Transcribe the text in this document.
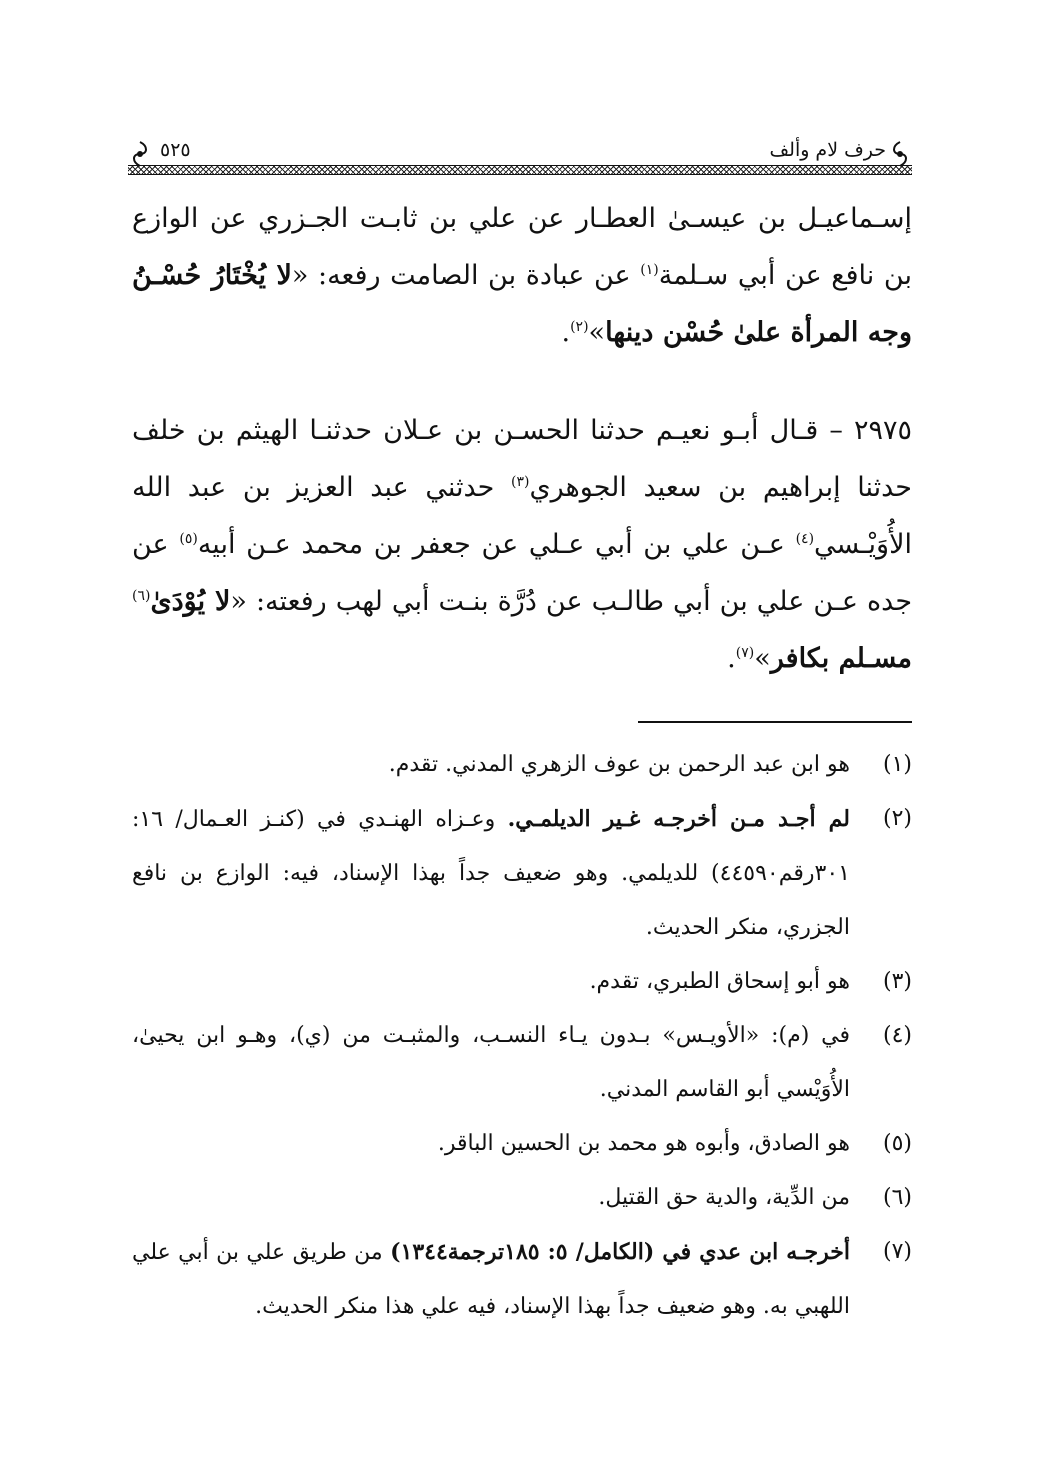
حرف لام وألف
٥٢٥
إسـماعيـل بن عيسـىٰ العطـار عن علي بن ثابـت الجـزري عن الوازع بن نافع عن أبي سـلمة$^{(١)}$ عن عبادة بن الصامت رفعه: «لا يُخْتَارُ حُسْـنُ وجه المرأة علىٰ حُسْن دينها»$^{(٢)}$.
٢٩٧٥ – قـال أبـو نعيـم حدثنا الحسـن بن عـلان حدثنـا الهيثم بن خلف حدثنا إبراهيم بن سعيد الجوهري$^{(٣)}$ حدثني عبد العزيز بن عبد الله الأُوَيْـسي$^{(٤)}$ عـن علي بن أبي عـلي عن جعفر بن محمد عـن أبيه$^{(٥)}$ عن جده عـن علي بن أبي طالـب عن دُرَّة بنـت أبي لهب رفعته: «لا يُوْدَىٰ$^{(٦)}$ مسـلم بكافر»$^{(٧)}$.
(١)
هو ابن عبد الرحمن بن عوف الزهري المدني. تقدم.
(٢)
لم أجـد مـن أخرجـه غـير الديلمـي. وعـزاه الهنـدي في (كنـز العـمال/ ١٦: ٣٠١رقم٤٤٥٩٠) للديلمي. وهو ضعيف جداً بهذا الإسناد، فيه: الوازع بن نافع الجزري، منكر الحديث.
(٣)
هو أبو إسحاق الطبري، تقدم.
(٤)
في (م): «الأويـس» بـدون يـاء النسـب، والمثبـت من (ي)، وهـو ابن يحيىٰ، الأُوَيْسي أبو القاسم المدني.
(٥)
هو الصادق، وأبوه هو محمد بن الحسين الباقر.
(٦)
من الدِّية، والدية حق القتيل.
(٧)
أخرجـه ابن عدي في (الكامل/ ٥: ١٨٥ترجمة١٣٤٤) من طريق علي بن أبي علي اللهبي به. وهو ضعيف جداً بهذا الإسناد، فيه علي هذا منكر الحديث.
